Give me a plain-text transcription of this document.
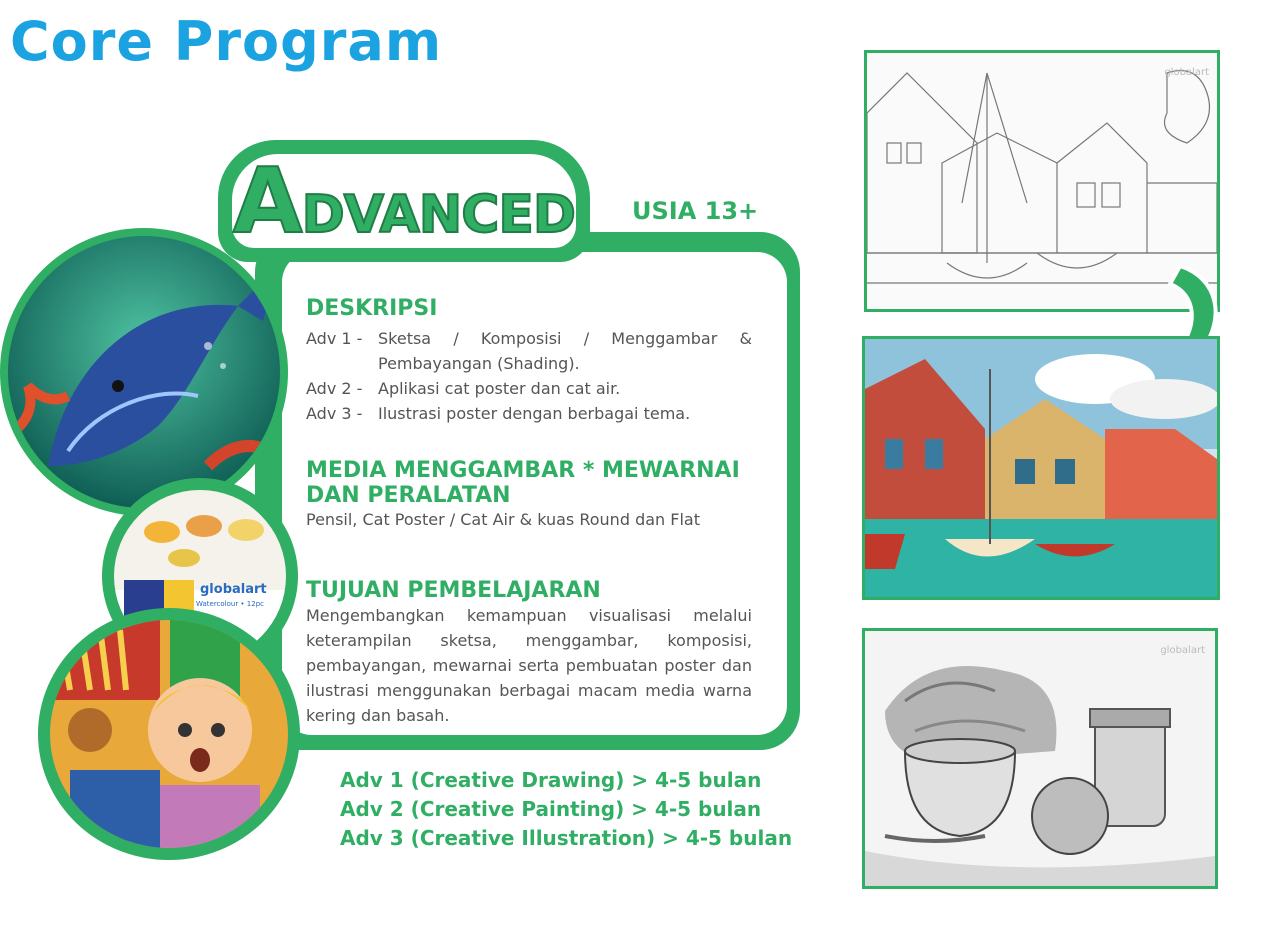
Core Program
ADVANCED USIA 13+
DESKRIPSI
Adv 1 - Sketsa / Komposisi / Menggambar & Pembayangan (Shading).
Adv 2 - Aplikasi cat poster dan cat air.
Adv 3 - Ilustrasi poster dengan berbagai tema.
MEDIA MENGGAMBAR * MEWARNAI DAN PERALATAN
Pensil, Cat Poster / Cat Air & kuas Round dan Flat
TUJUAN PEMBELAJARAN
Mengembangkan kemampuan visualisasi melalui keterampilan sketsa, menggambar, komposisi, pembayangan, mewarnai serta pembuatan poster dan ilustrasi menggunakan berbagai macam media warna kering dan basah.
Adv 1 (Creative Drawing) > 4-5 bulan
Adv 2 (Creative Painting) > 4-5 bulan
Adv 3 (Creative Illustration) > 4-5 bulan
globalart
Watercolour • 12pc
globalart
globalart
